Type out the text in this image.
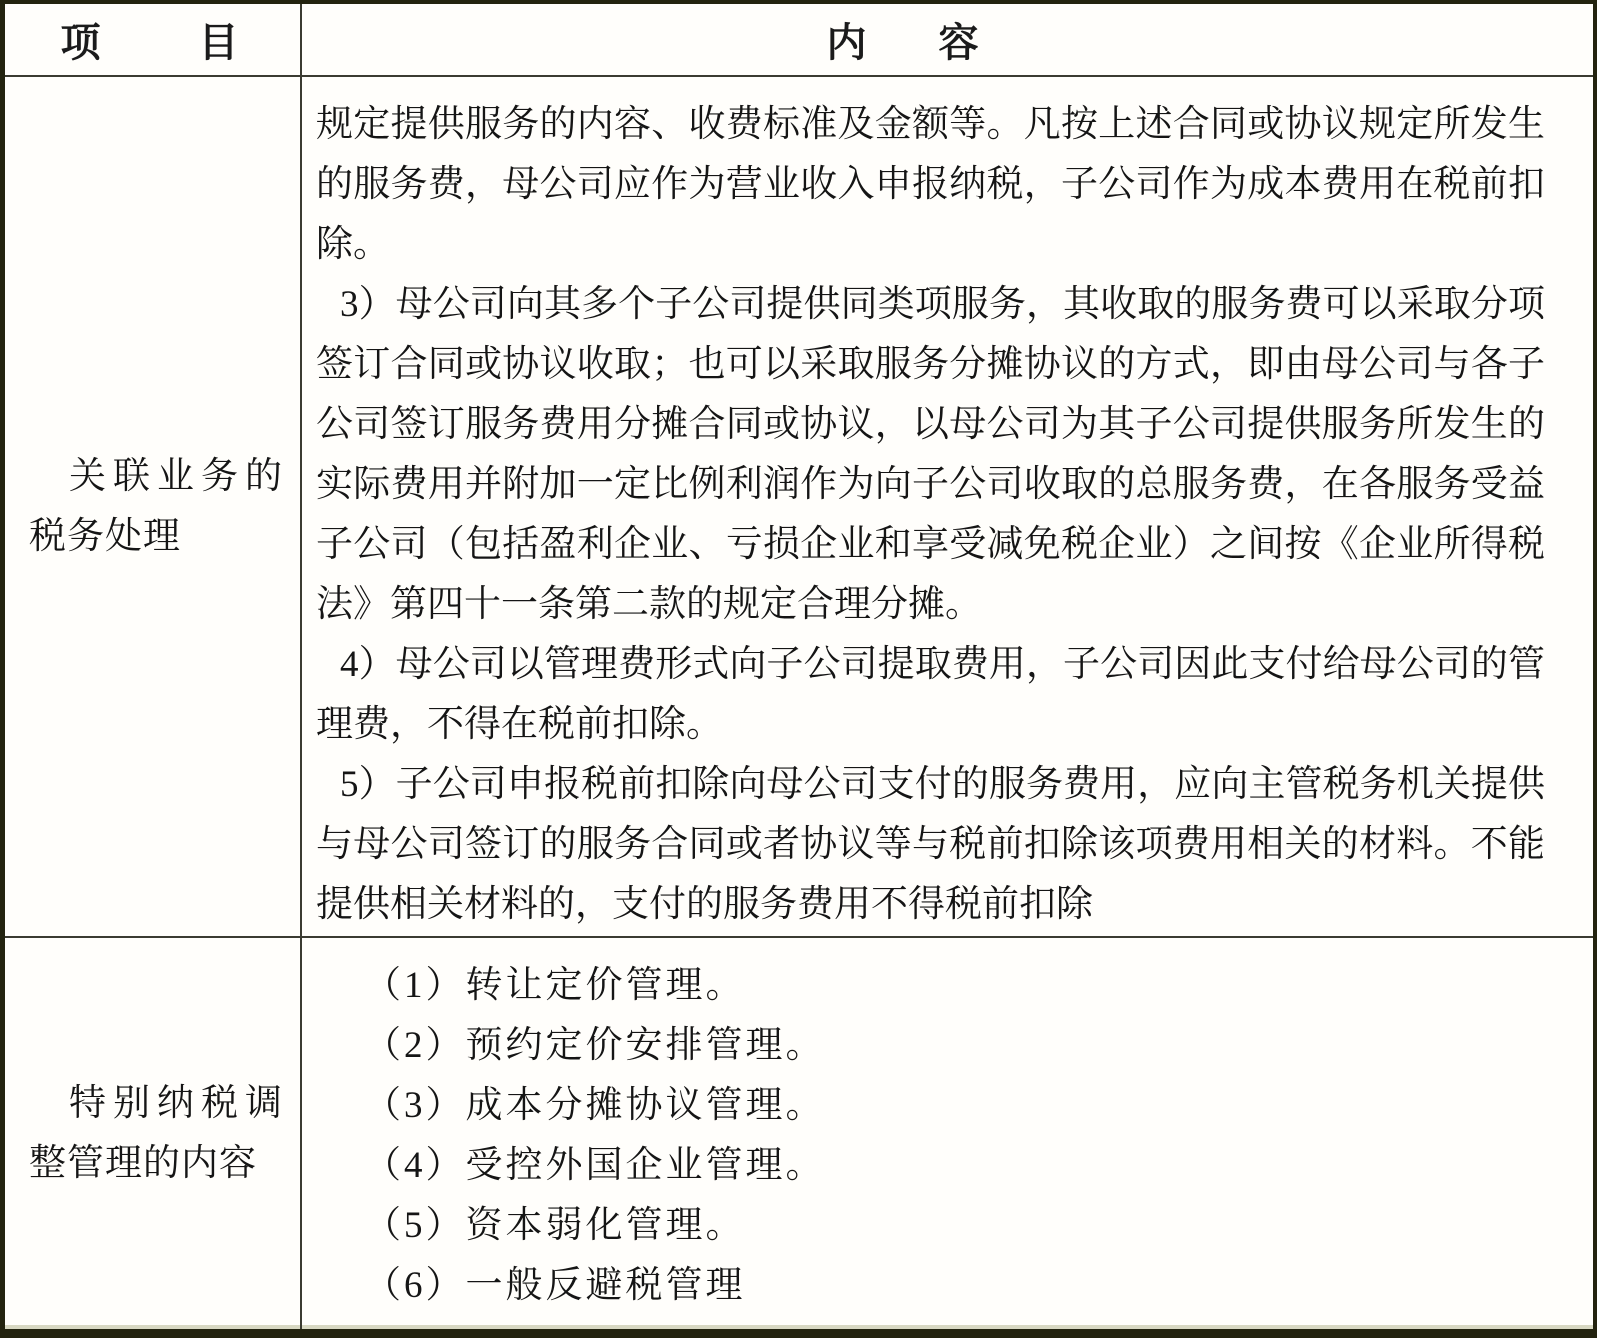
项　　目	内　容
关联业务的
税务处理
规定提供服务的内容、收费标准及金额等。凡按上述合同或协议规定所发生的服务费，母公司应作为营业收入申报纳税，子公司作为成本费用在税前扣除。
3）母公司向其多个子公司提供同类项服务，其收取的服务费可以采取分项签订合同或协议收取；也可以采取服务分摊协议的方式，即由母公司与各子公司签订服务费用分摊合同或协议，以母公司为其子公司提供服务所发生的实际费用并附加一定比例利润作为向子公司收取的总服务费，在各服务受益子公司（包括盈利企业、亏损企业和享受减免税企业）之间按《企业所得税法》第四十一条第二款的规定合理分摊。
4）母公司以管理费形式向子公司提取费用，子公司因此支付给母公司的管理费，不得在税前扣除。
5）子公司申报税前扣除向母公司支付的服务费用，应向主管税务机关提供与母公司签订的服务合同或者协议等与税前扣除该项费用相关的材料。不能提供相关材料的，支付的服务费用不得税前扣除
特别纳税调
整管理的内容
（1）转让定价管理。
（2）预约定价安排管理。
（3）成本分摊协议管理。
（4）受控外国企业管理。
（5）资本弱化管理。
（6）一般反避税管理
